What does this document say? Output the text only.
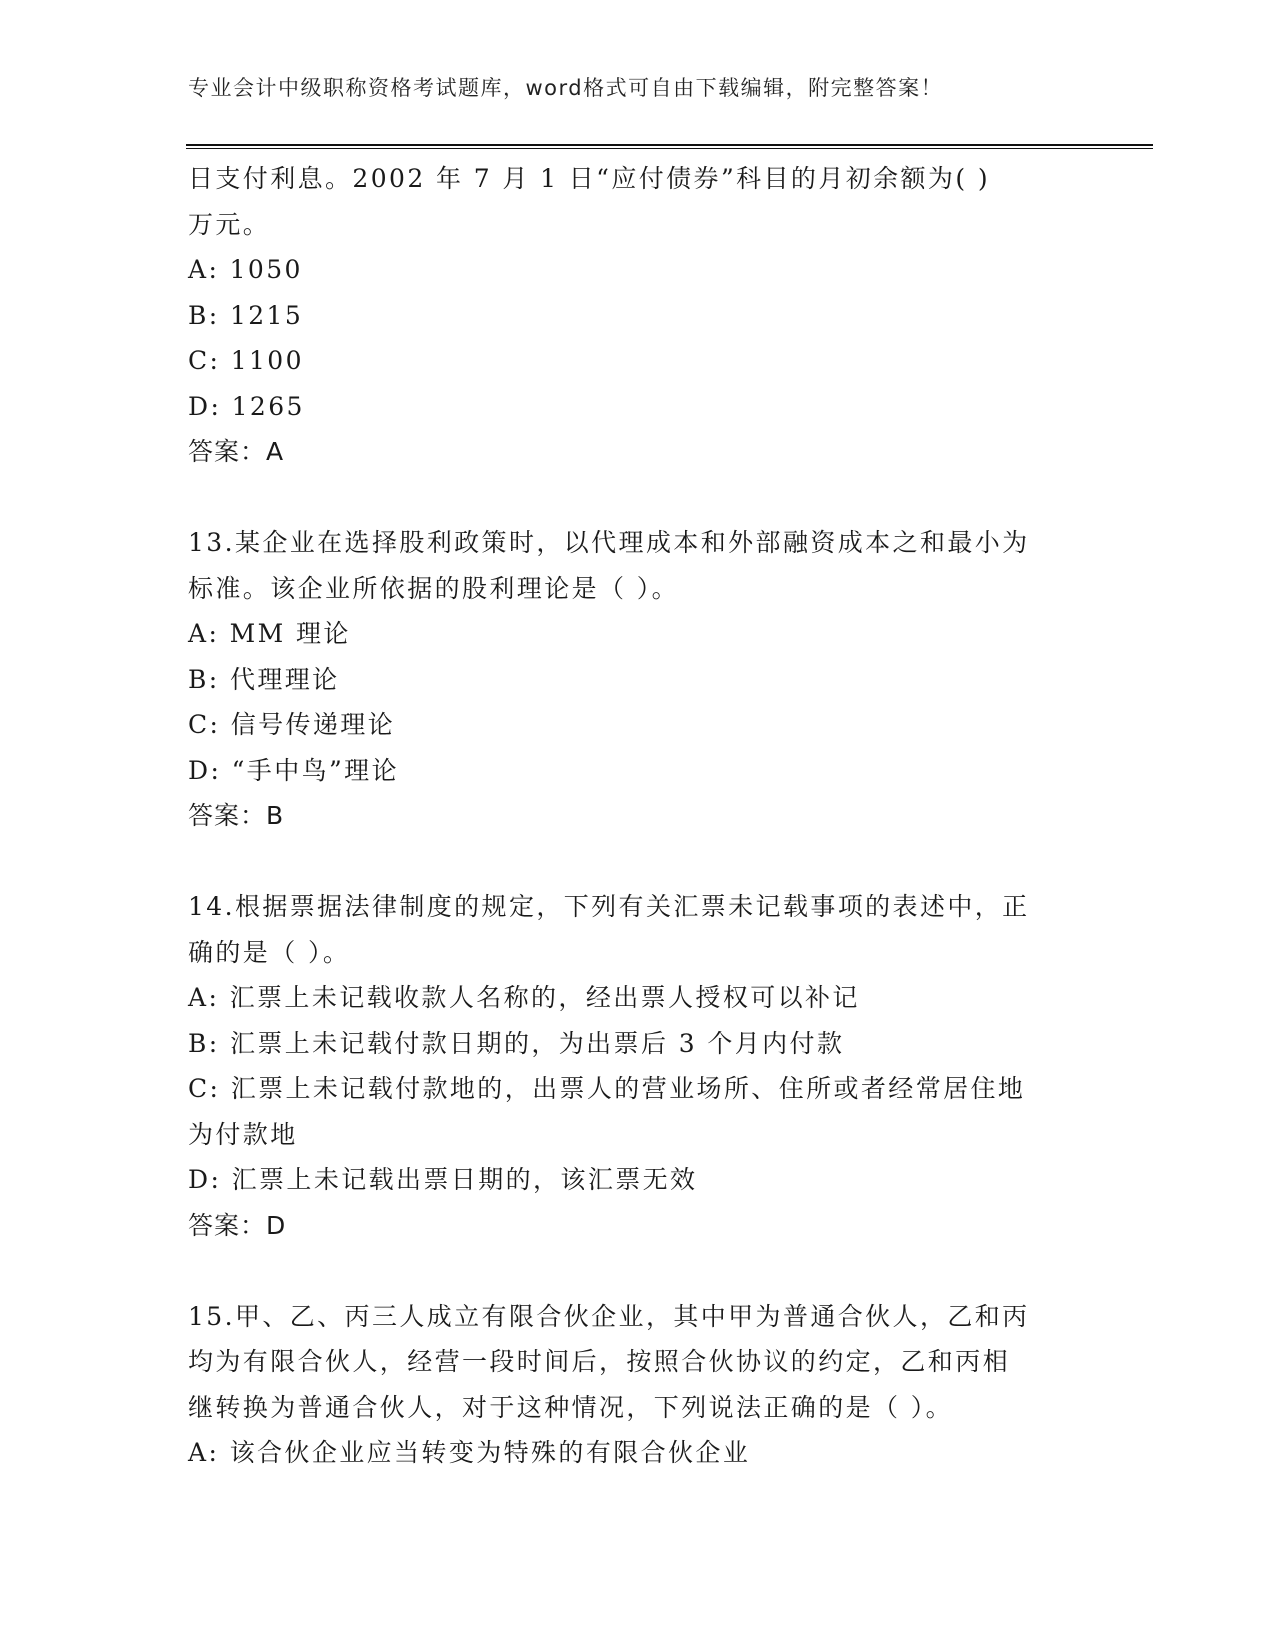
专业会计中级职称资格考试题库，word格式可自由下载编辑，附完整答案！
日支付利息。2002 年 7 月 1 日“应付债券”科目的月初余额为( )
万元。
A: 1050
B: 1215
C: 1100
D: 1265
答案：A
13.某企业在选择股利政策时，以代理成本和外部融资成本之和最小为
标准。该企业所依据的股利理论是（ ）。
A: MM 理论
B: 代理理论
C: 信号传递理论
D: “手中鸟”理论
答案：B
14.根据票据法律制度的规定，下列有关汇票未记载事项的表述中，正
确的是（ ）。
A: 汇票上未记载收款人名称的，经出票人授权可以补记
B: 汇票上未记载付款日期的，为出票后 3 个月内付款
C: 汇票上未记载付款地的，出票人的营业场所、住所或者经常居住地
为付款地
D: 汇票上未记载出票日期的，该汇票无效
答案：D
15.甲、乙、丙三人成立有限合伙企业，其中甲为普通合伙人，乙和丙
均为有限合伙人，经营一段时间后，按照合伙协议的约定，乙和丙相
继转换为普通合伙人，对于这种情况，下列说法正确的是（ ）。
A: 该合伙企业应当转变为特殊的有限合伙企业
